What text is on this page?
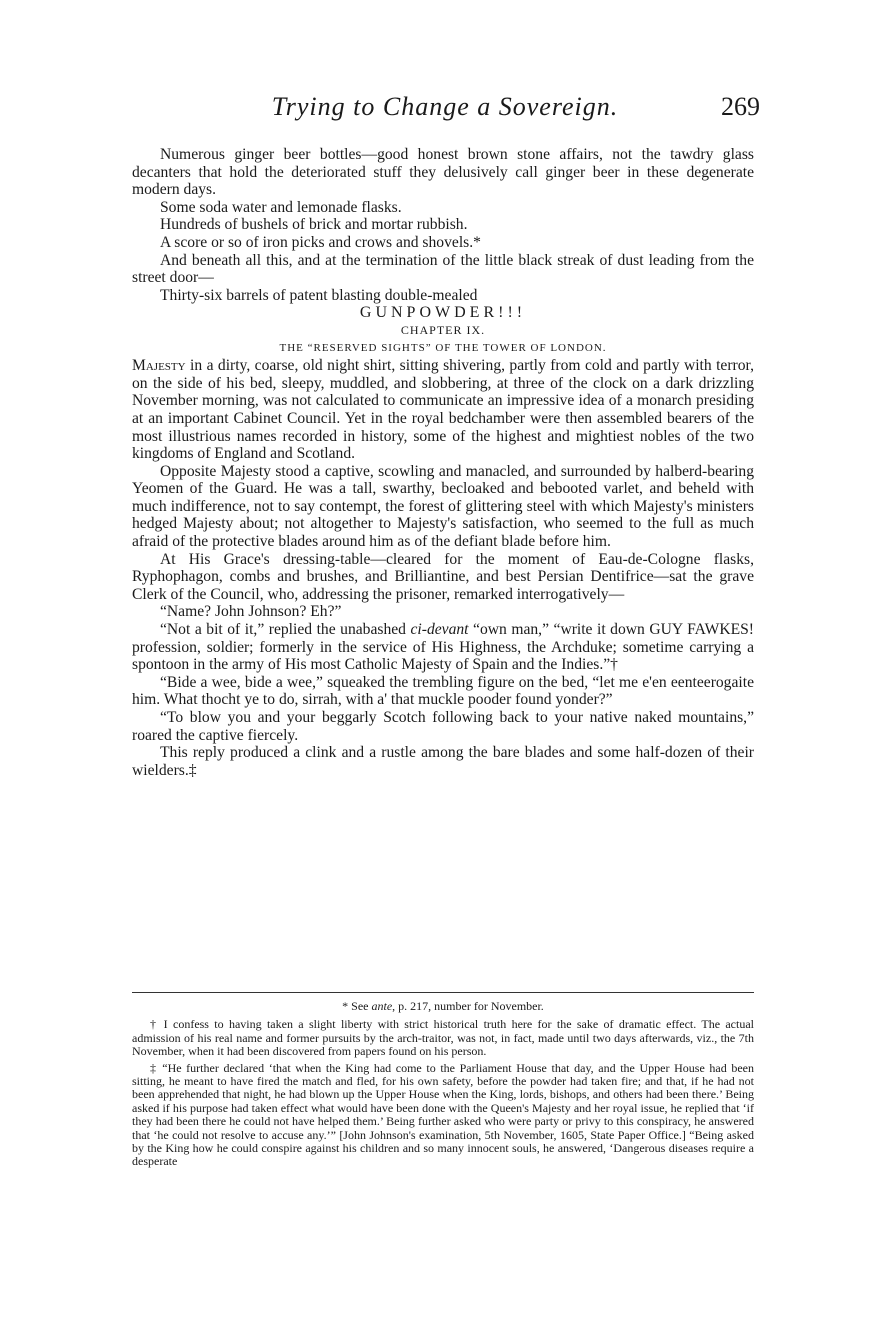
Trying to Change a Sovereign.	269

Numerous ginger beer bottles—good honest brown stone affairs, not the tawdry glass decanters that hold the deteriorated stuff they delusively call ginger beer in these degenerate modern days.

Some soda water and lemonade flasks.

Hundreds of bushels of brick and mortar rubbish.

A score or so of iron picks and crows and shovels.*

And beneath all this, and at the termination of the little black streak of dust leading from the street door—

Thirty-six barrels of patent blasting double-mealed

GUNPOWDER!!!

CHAPTER IX.

THE “RESERVED SIGHTS” OF THE TOWER OF LONDON.

Majesty in a dirty, coarse, old night shirt, sitting shivering, partly from cold and partly with terror, on the side of his bed, sleepy, muddled, and slobbering, at three of the clock on a dark drizzling November morning, was not calculated to communicate an impressive idea of a monarch presiding at an important Cabinet Council. Yet in the royal bedchamber were then assembled bearers of the most illustrious names recorded in history, some of the highest and mightiest nobles of the two kingdoms of England and Scotland.

Opposite Majesty stood a captive, scowling and manacled, and surrounded by halberd-bearing Yeomen of the Guard. He was a tall, swarthy, becloaked and bebooted varlet, and beheld with much indifference, not to say contempt, the forest of glittering steel with which Majesty's ministers hedged Majesty about; not altogether to Majesty's satisfaction, who seemed to the full as much afraid of the protective blades around him as of the defiant blade before him.

At His Grace's dressing-table—cleared for the moment of Eau-de-Cologne flasks, Ryphophagon, combs and brushes, and Brilliantine, and best Persian Dentifrice—sat the grave Clerk of the Council, who, addressing the prisoner, remarked interrogatively—

“Name? John Johnson? Eh?”

“Not a bit of it,” replied the unabashed ci-devant “own man,” “write it down GUY FAWKES! profession, soldier; formerly in the service of His Highness, the Archduke; sometime carrying a spontoon in the army of His most Catholic Majesty of Spain and the Indies.”†

“Bide a wee, bide a wee,” squeaked the trembling figure on the bed, “let me e'en eenteerogaite him. What thocht ye to do, sirrah, with a' that muckle pooder found yonder?”

“To blow you and your beggarly Scotch following back to your native naked mountains,” roared the captive fiercely.

This reply produced a clink and a rustle among the bare blades and some half-dozen of their wielders.‡

* See ante, p. 217, number for November.

† I confess to having taken a slight liberty with strict historical truth here for the sake of dramatic effect. The actual admission of his real name and former pursuits by the arch-traitor, was not, in fact, made until two days afterwards, viz., the 7th November, when it had been discovered from papers found on his person.

‡ “He further declared ‘that when the King had come to the Parliament House that day, and the Upper House had been sitting, he meant to have fired the match and fled, for his own safety, before the powder had taken fire; and that, if he had not been apprehended that night, he had blown up the Upper House when the King, lords, bishops, and others had been there.’ Being asked if his purpose had taken effect what would have been done with the Queen's Majesty and her royal issue, he replied that ‘if they had been there he could not have helped them.’ Being further asked who were party or privy to this conspiracy, he answered that ‘he could not resolve to accuse any.’” [John Johnson's examination, 5th November, 1605, State Paper Office.] “Being asked by the King how he could conspire against his children and so many innocent souls, he answered, ‘Dangerous diseases require a desperate
